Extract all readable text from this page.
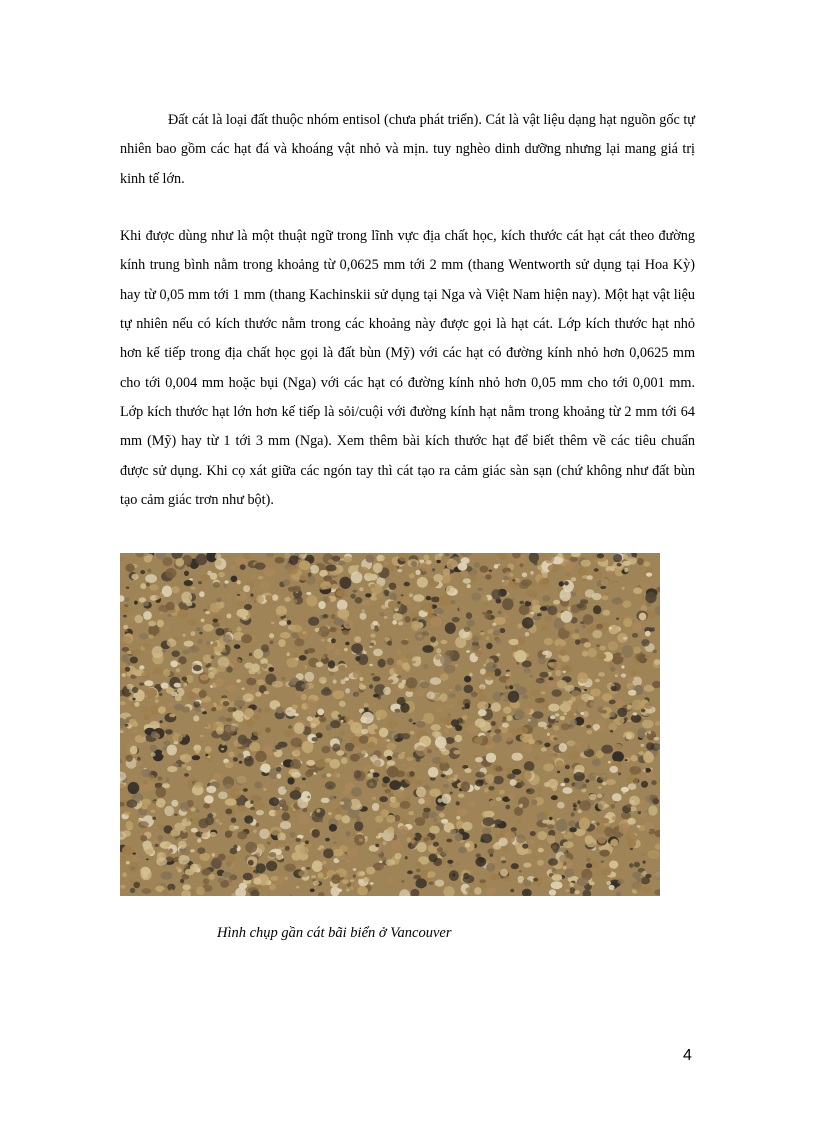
Đất cát là loại đất thuộc nhóm entisol (chưa phát triển). Cát là vật liệu dạng hạt nguồn gốc tự nhiên bao gồm các hạt đá và khoáng vật nhỏ và mịn. tuy nghèo dinh dưỡng nhưng lại mang giá trị kinh tế lớn.

Khi được dùng như là một thuật ngữ trong lĩnh vực địa chất học, kích thước cát hạt cát theo đường kính trung bình nằm trong khoảng từ 0,0625 mm tới 2 mm (thang Wentworth sử dụng tại Hoa Kỳ) hay từ 0,05 mm tới 1 mm (thang Kachinskii sử dụng tại Nga và Việt Nam hiện nay). Một hạt vật liệu tự nhiên nếu có kích thước nằm trong các khoảng này được gọi là hạt cát. Lớp kích thước hạt nhỏ hơn kế tiếp trong địa chất học gọi là đất bùn (Mỹ) với các hạt có đường kính nhỏ hơn 0,0625 mm cho tới 0,004 mm hoặc bụi (Nga) với các hạt có đường kính nhỏ hơn 0,05 mm cho tới 0,001 mm. Lớp kích thước hạt lớn hơn kế tiếp là sỏi/cuội với đường kính hạt nằm trong khoảng từ 2 mm tới 64 mm (Mỹ) hay từ 1 tới 3 mm (Nga). Xem thêm bài kích thước hạt để biết thêm về các tiêu chuẩn được sử dụng. Khi cọ xát giữa các ngón tay thì cát tạo ra cảm giác sàn sạn (chứ không như đất bùn tạo cảm giác trơn như bột).

Hình chụp gần cát bãi biển ở Vancouver
4
